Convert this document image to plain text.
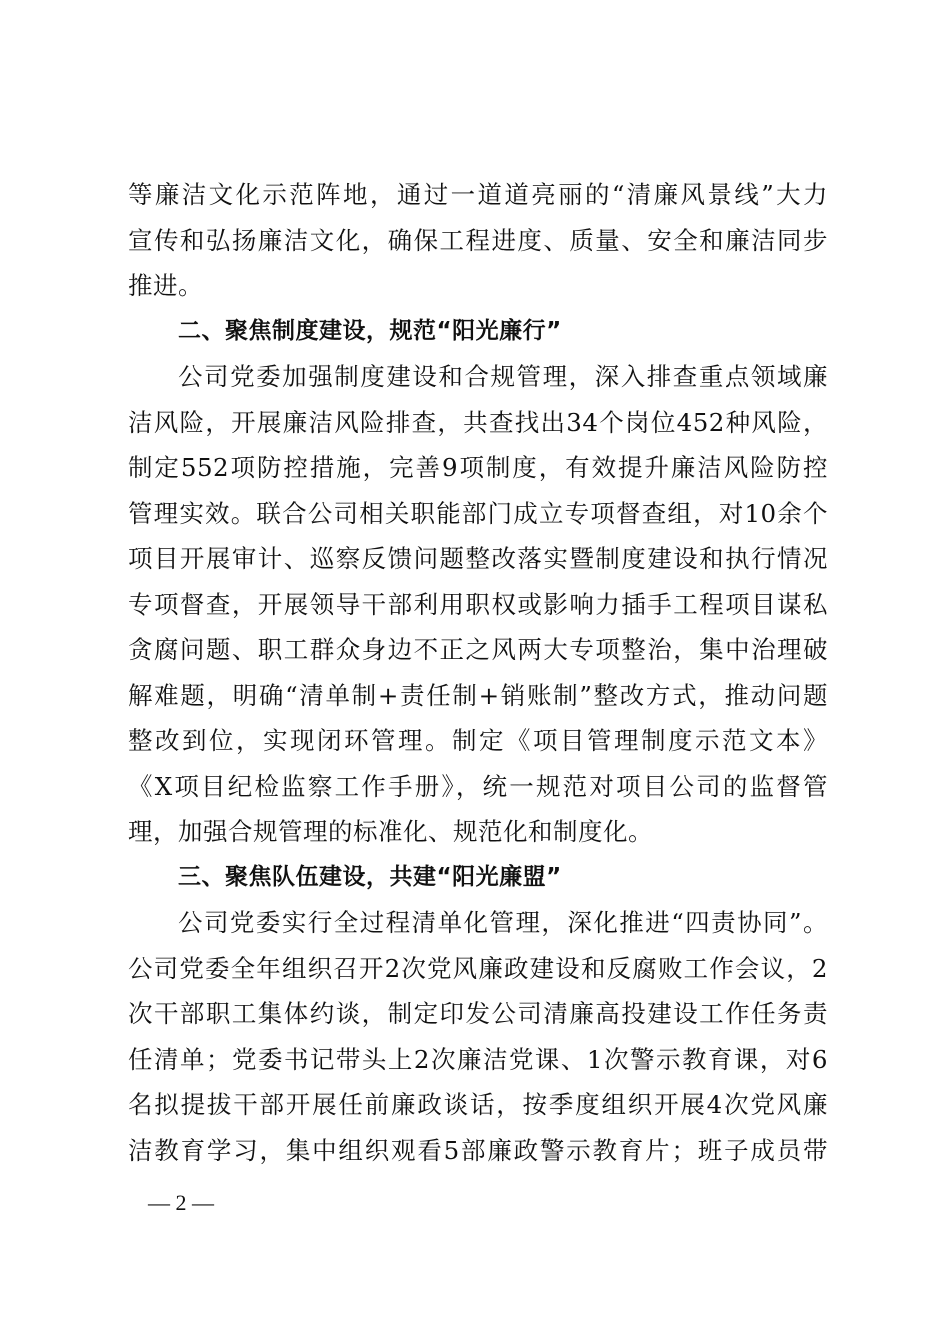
等廉洁文化示范阵地，通过一道道亮丽的“清廉风景线”大力
宣传和弘扬廉洁文化，确保工程进度、质量、安全和廉洁同步
推进。
二、聚焦制度建设，规范“阳光廉行”
公司党委加强制度建设和合规管理，深入排查重点领域廉
洁风险，开展廉洁风险排查，共查找出34个岗位452种风险，
制定552项防控措施，完善9项制度，有效提升廉洁风险防控
管理实效。联合公司相关职能部门成立专项督查组，对10余个
项目开展审计、巡察反馈问题整改落实暨制度建设和执行情况
专项督查，开展领导干部利用职权或影响力插手工程项目谋私
贪腐问题、职工群众身边不正之风两大专项整治，集中治理破
解难题，明确“清单制+责任制+销账制”整改方式，推动问题
整改到位，实现闭环管理。制定《项目管理制度示范文本》
《X项目纪检监察工作手册》，统一规范对项目公司的监督管
理，加强合规管理的标准化、规范化和制度化。
三、聚焦队伍建设，共建“阳光廉盟”
公司党委实行全过程清单化管理，深化推进“四责协同”。
公司党委全年组织召开2次党风廉政建设和反腐败工作会议，2
次干部职工集体约谈，制定印发公司清廉高投建设工作任务责
任清单；党委书记带头上2次廉洁党课、1次警示教育课，对6
名拟提拔干部开展任前廉政谈话，按季度组织开展4次党风廉
洁教育学习，集中组织观看5部廉政警示教育片；班子成员带
— 2 —
